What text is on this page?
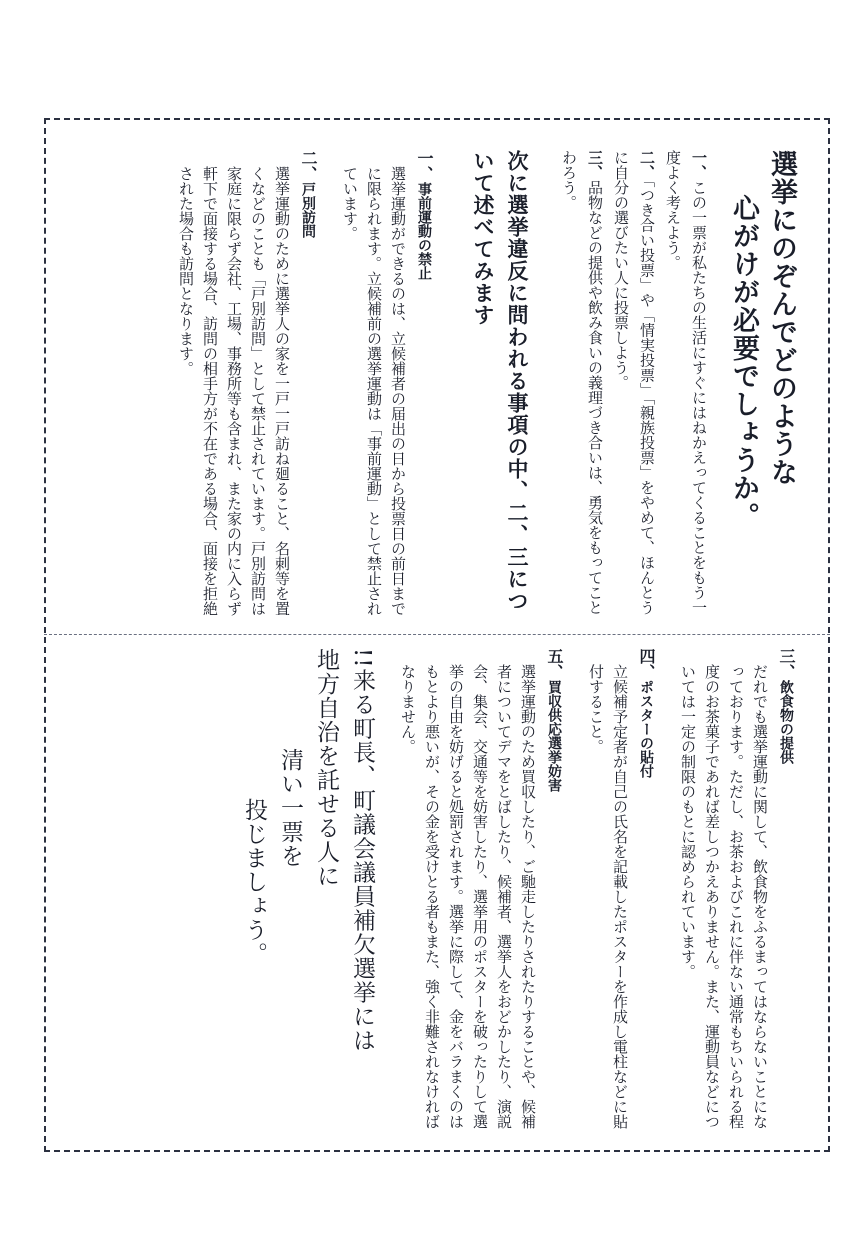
選挙にのぞんでどのような
心がけが必要でしょうか。
一、この一票が私たちの生活にすぐにはねかえってくることをもう一度よく考えよう。
二、「つき合い投票」や「情実投票」「親族投票」をやめて、ほんとうに自分の選びたい人に投票しよう。
三、品物などの提供や飲み食いの義理づき合いは、勇気をもってことわろう。
次に選挙違反に問われる事項の中、二、三について述べてみます
一、事前運動の禁止
選挙運動ができるのは、立候補者の届出の日から投票日の前日までに限られます。立候補前の選挙運動は「事前運動」として禁止されています。
二、戸別訪問
選挙運動のために選挙人の家を一戸一戸訪ね廻ること、名刺等を置くなどのことも「戸別訪問」として禁止されています。戸別訪問は家庭に限らず会社、工場、事務所等も含まれ、また家の内に入らず軒下で面接する場合、訪問の相手方が不在である場合、面接を拒絶された場合も訪問となります。
三、飲食物の提供
だれでも選挙運動に関して、飲食物をふるまってはならないことになっております。ただし、お茶およびこれに伴ない通常もちいられる程度のお茶菓子であれば差しつかえありません。また、運動員などについては一定の制限のもとに認められています。
四、ポスターの貼付
立候補予定者が自己の氏名を記載したポスターを作成し電柱などに貼付すること。
五、買収供応選挙妨害
選挙運動のため買収したり、ご馳走したりされたりすることや、候補者についてデマをとばしたり、候補者、選挙人をおどかしたり、演説会、集会、交通等を妨害したり、選挙用のポスターを破ったりして選挙の自由を妨げると処罰されます。選挙に際して、金をバラまくのはもとより悪いが、その金を受けとる者もまた、強く非難されなければなりません。
!!来る町長、町議会議員補欠選挙には
地方自治を託せる人に
清い一票を
投じましょう。
